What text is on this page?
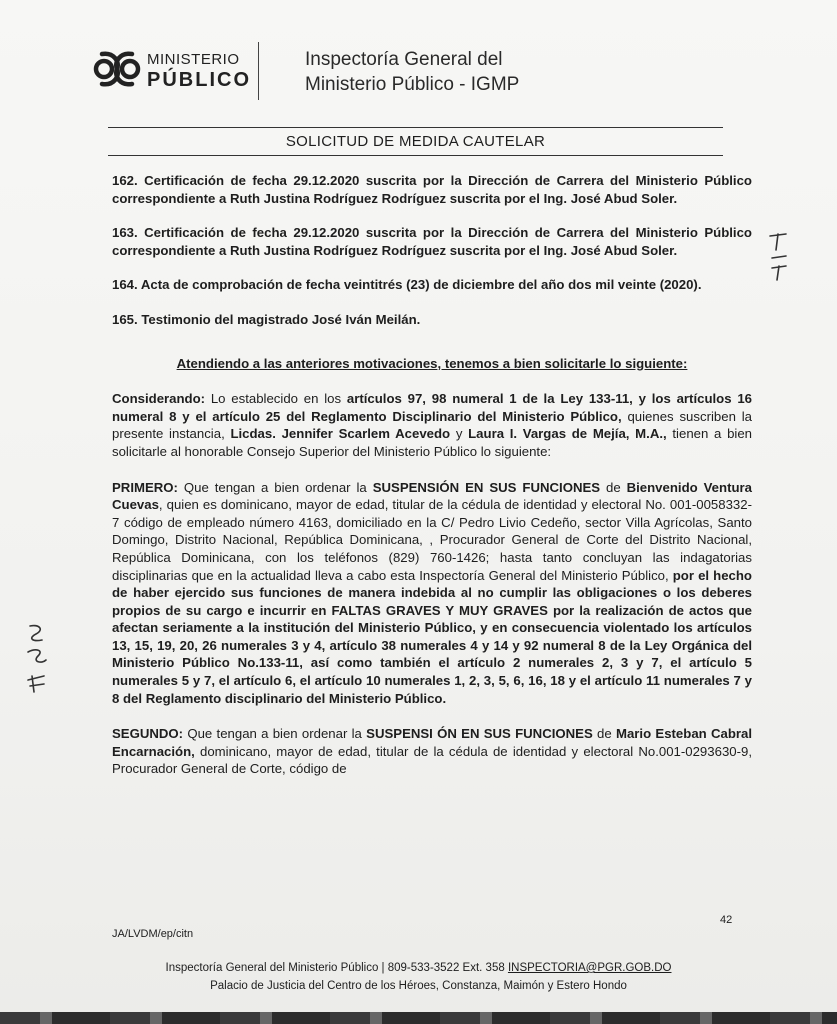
MINISTERIO
PÚBLICO
Inspectoría General del
Ministerio Público - IGMP
SOLICITUD DE MEDIDA CAUTELAR
162. Certificación de fecha 29.12.2020 suscrita por la Dirección de Carrera del Ministerio Público correspondiente a Ruth Justina Rodríguez Rodríguez suscrita por el Ing. José Abud Soler.
163. Certificación de fecha 29.12.2020 suscrita por la Dirección de Carrera del Ministerio Público correspondiente a Ruth Justina Rodríguez Rodríguez suscrita por el Ing. José Abud Soler.
164. Acta de comprobación de fecha veintitrés (23) de diciembre del año dos mil veinte (2020).
165. Testimonio del magistrado José Iván Meilán.
Atendiendo a las anteriores motivaciones, tenemos a bien solicitarle lo siguiente:
Considerando: Lo establecido en los artículos 97, 98 numeral 1 de la Ley 133-11, y los artículos 16 numeral 8 y el artículo 25 del Reglamento Disciplinario del Ministerio Público, quienes suscriben la presente instancia, Licdas. Jennifer Scarlem Acevedo y Laura I. Vargas de Mejía, M.A., tienen a bien solicitarle al honorable Consejo Superior del Ministerio Público lo siguiente:
PRIMERO: Que tengan a bien ordenar la SUSPENSIÓN EN SUS FUNCIONES de Bienvenido Ventura Cuevas, quien es dominicano, mayor de edad, titular de la cédula de identidad y electoral No. 001-0058332-7 código de empleado número 4163, domiciliado en la C/ Pedro Livio Cedeño, sector Villa Agrícolas, Santo Domingo, Distrito Nacional, República Dominicana, , Procurador General de Corte del Distrito Nacional, República Dominicana, con los teléfonos (829) 760-1426; hasta tanto concluyan las indagatorias disciplinarias que en la actualidad lleva a cabo esta Inspectoría General del Ministerio Público, por el hecho de haber ejercido sus funciones de manera indebida al no cumplir las obligaciones o los deberes propios de su cargo e incurrir en FALTAS GRAVES Y MUY GRAVES por la realización de actos que afectan seriamente a la institución del Ministerio Público, y en consecuencia violentado los artículos 13, 15, 19, 20, 26 numerales 3 y 4, artículo 38 numerales 4 y 14 y 92 numeral 8 de la Ley Orgánica del Ministerio Público No.133-11, así como también el artículo 2 numerales 2, 3 y 7, el artículo 5 numerales 5 y 7, el artículo 6, el artículo 10 numerales 1, 2, 3, 5, 6, 16, 18 y el artículo 11 numerales 7 y 8 del Reglamento disciplinario del Ministerio Público.
SEGUNDO: Que tengan a bien ordenar la SUSPENSI ÓN EN SUS FUNCIONES de Mario Esteban Cabral Encarnación, dominicano, mayor de edad, titular de la cédula de identidad y electoral No.001-0293630-9, Procurador General de Corte, código de
42
JA/LVDM/ep/citn
Inspectoría General del Ministerio Público | 809-533-3522 Ext. 358 INSPECTORIA@PGR.GOB.DO
Palacio de Justicia del Centro de los Héroes, Constanza, Maimón y Estero Hondo
